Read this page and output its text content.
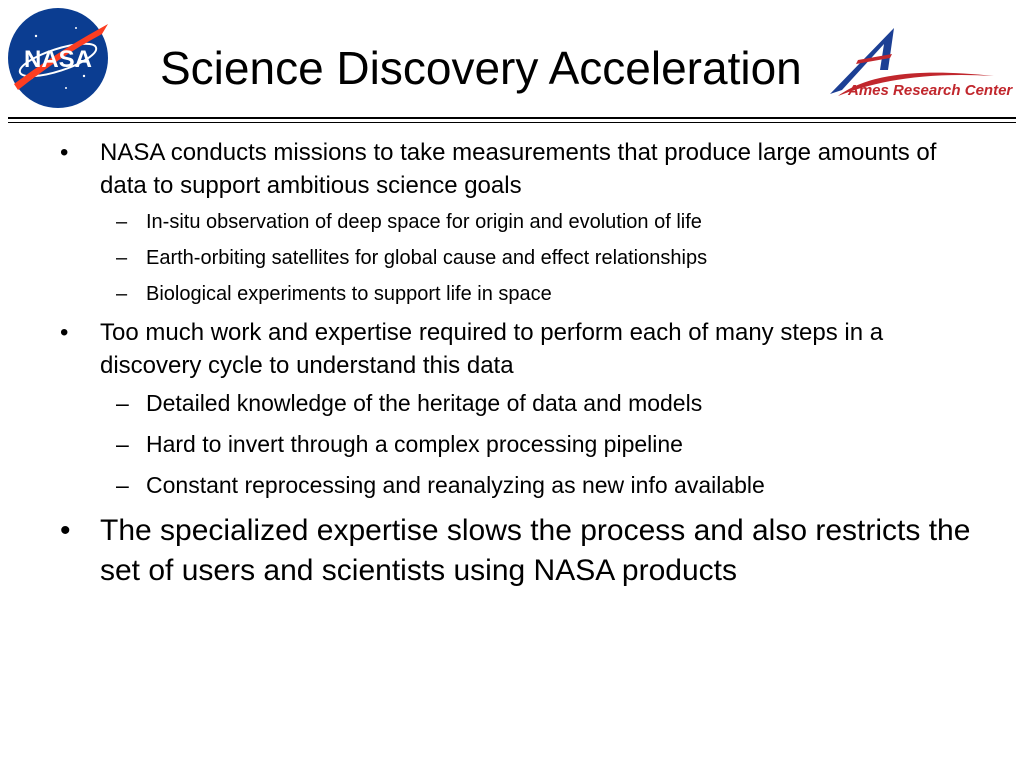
NASA Science Discovery Acceleration	Ames Research Center
• NASA conducts missions to take measurements that produce large amounts of data to support ambitious science goals
– In-situ observation of deep space for origin and evolution of life
– Earth-orbiting satellites for global cause and effect relationships
– Biological experiments to support life in space
• Too much work and expertise required to perform each of many steps in a discovery cycle to understand this data
– Detailed knowledge of the heritage of data and models
– Hard to invert through a complex processing pipeline
– Constant reprocessing and reanalyzing as new info available
• The specialized expertise slows the process and also restricts the set of users and scientists using NASA products
